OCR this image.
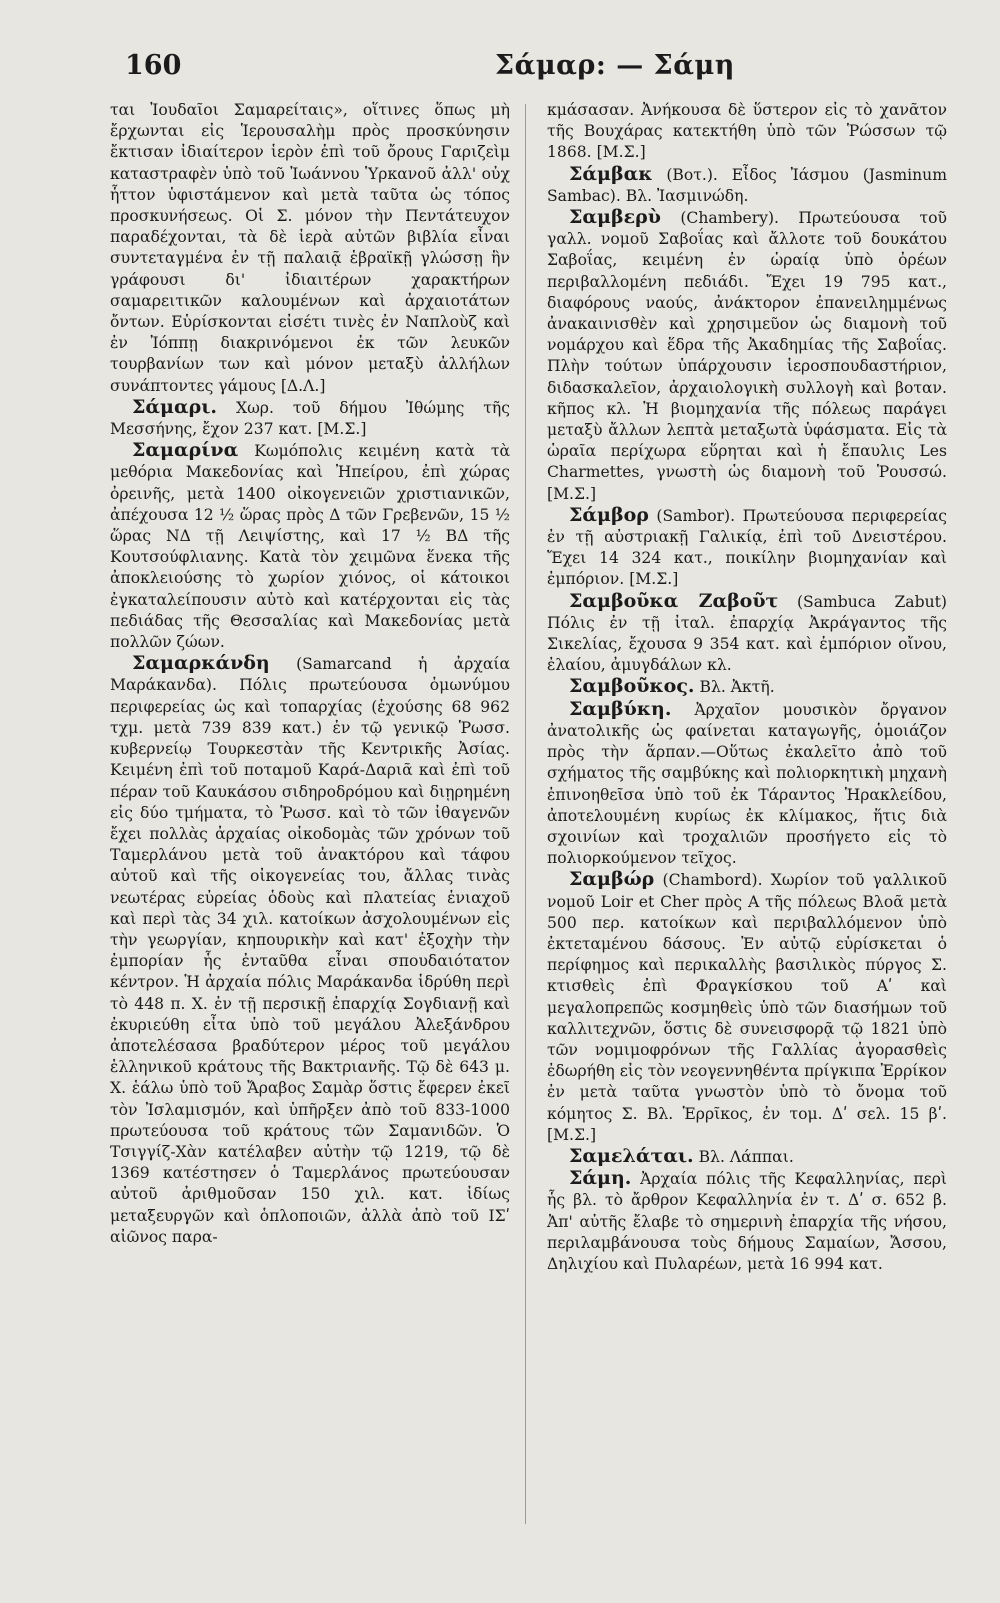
160	Σάμαρ: — Σάμη

ται Ἰουδαῖοι Σαμαρείταις», οἵτινες ὅπως μὴ ἔρχωνται εἰς Ἱερουσαλὴμ πρὸς προσκύνησιν ἔκτισαν ἰδιαίτερον ἱερὸν ἐπὶ τοῦ ὄρους Γαριζεὶμ καταστραφὲν ὑπὸ τοῦ Ἰωάννου Ὑρκανοῦ ἀλλ' οὐχ ἧττον ὑφιστάμενον καὶ μετὰ ταῦτα ὡς τόπος προσκυνήσεως. Οἱ Σ. μόνον τὴν Πεντάτευχον παραδέχονται, τὰ δὲ ἱερὰ αὐτῶν βιβλία εἶναι συντεταγμένα ἐν τῇ παλαιᾷ ἑβραϊκῇ γλώσσῃ ἣν γράφουσι δι' ἰδιαιτέρων χαρακτήρων σαμαρειτικῶν καλουμένων καὶ ἀρχαιοτάτων ὄντων. Εὑρίσκονται εἰσέτι τινὲς ἐν Ναπλοὺζ καὶ ἐν Ἰόππῃ διακρινόμενοι ἐκ τῶν λευκῶν τουρβανίων των καὶ μόνον μεταξὺ ἀλλήλων συνάπτοντες γάμους [Δ.Λ.]

Σάμαρι. Χωρ. τοῦ δήμου Ἰθώμης τῆς Μεσσήνης, ἔχον 237 κατ. [Μ.Σ.]

Σαμαρίνα Κωμόπολις κειμένη κατὰ τὰ μεθόρια Μακεδονίας καὶ Ἠπείρου, ἐπὶ χώρας ὀρεινῆς, μετὰ 1400 οἰκογενειῶν χριστιανικῶν, ἀπέχουσα 12 ½ ὥρας πρὸς Δ τῶν Γρεβενῶν, 15 ½ ὥρας ΝΔ τῇ Λειψίστης, καὶ 17 ½ ΒΔ τῆς Κουτσούφλιανης. Κατὰ τὸν χειμῶνα ἕνεκα τῆς ἀποκλειούσης τὸ χωρίον χιόνος, οἱ κάτοικοι ἐγκαταλείπουσιν αὐτὸ καὶ κατέρχονται εἰς τὰς πεδιάδας τῆς Θεσσαλίας καὶ Μακεδονίας μετὰ πολλῶν ζώων.

Σαμαρκάνδη (Samarcand ἡ ἀρχαία Μαράκανδα). Πόλις πρωτεύουσα ὁμωνύμου περιφερείας ὡς καὶ τοπαρχίας (ἐχούσης 68 962 τχμ. μετὰ 739 839 κατ.) ἐν τῷ γενικῷ Ῥωσσ. κυβερνείῳ Τουρκεστὰν τῆς Κεντρικῆς Ἀσίας. Κειμένη ἐπὶ τοῦ ποταμοῦ Καρά-Δαριᾶ καὶ ἐπὶ τοῦ πέραν τοῦ Καυκάσου σιδηροδρόμου καὶ διῃρημένη εἰς δύο τμήματα, τὸ Ῥωσσ. καὶ τὸ τῶν ἰθαγενῶν ἔχει πολλὰς ἀρχαίας οἰκοδομὰς τῶν χρόνων τοῦ Ταμερλάνου μετὰ τοῦ ἀνακτόρου καὶ τάφου αὐτοῦ καὶ τῆς οἰκογενείας του, ἄλλας τινὰς νεωτέρας εὐρείας ὁδοὺς καὶ πλατείας ἐνιαχοῦ καὶ περὶ τὰς 34 χιλ. κατοίκων ἀσχολουμένων εἰς τὴν γεωργίαν, κηπουρικὴν καὶ κατ' ἐξοχὴν τὴν ἐμπορίαν ἧς ἐνταῦθα εἶναι σπουδαιότατον κέντρον. Ἡ ἀρχαία πόλις Μαράκανδα ἱδρύθη περὶ τὸ 448 π. Χ. ἐν τῇ περσικῇ ἐπαρχίᾳ Σογδιανῇ καὶ ἐκυριεύθη εἶτα ὑπὸ τοῦ μεγάλου Ἀλεξάνδρου ἀποτελέσασα βραδύτερον μέρος τοῦ μεγάλου ἑλληνικοῦ κράτους τῆς Βακτριανῆς. Τῷ δὲ 643 μ. Χ. ἑάλω ὑπὸ τοῦ Ἄραβος Σαμὰρ ὅστις ἔφερεν ἐκεῖ τὸν Ἰσλαμισμόν, καὶ ὑπῆρξεν ἀπὸ τοῦ 833-1000 πρωτεύουσα τοῦ κράτους τῶν Σαμανιδῶν. Ὁ Τσιγγίζ-Χὰν κατέλαβεν αὐτὴν τῷ 1219, τῷ δὲ 1369 κατέστησεν ὁ Ταμερλάνος πρωτεύουσαν αὐτοῦ ἀριθμοῦσαν 150 χιλ. κατ. ἰδίως μεταξευργῶν καὶ ὁπλοποιῶν, ἀλλὰ ἀπὸ τοῦ ΙΣʹ αἰῶνος παρα-

κμάσασαν. Ἀνήκουσα δὲ ὕστερον εἰς τὸ χανᾶτον τῆς Βουχάρας κατεκτήθη ὑπὸ τῶν Ῥώσσων τῷ 1868. [Μ.Σ.]

Σάμβακ (Βοτ.). Εἶδος Ἰάσμου (Jasminum Sambac). Βλ. Ἰασμινώδη.

Σαμβερὺ (Chambery). Πρωτεύουσα τοῦ γαλλ. νομοῦ Σαβοΐας καὶ ἄλλοτε τοῦ δουκάτου Σαβοΐας, κειμένη ἐν ὡραίᾳ ὑπὸ ὀρέων περιβαλλομένη πεδιάδι. Ἔχει 19 795 κατ., διαφόρους ναούς, ἀνάκτορον ἐπανειλημμένως ἀνακαινισθὲν καὶ χρησιμεῦον ὡς διαμονὴ τοῦ νομάρχου καὶ ἕδρα τῆς Ἀκαδημίας τῆς Σαβοΐας. Πλὴν τούτων ὑπάρχουσιν ἱεροσπουδαστήριον, διδασκαλεῖον, ἀρχαιολογικὴ συλλογὴ καὶ βοταν. κῆπος κλ. Ἡ βιομηχανία τῆς πόλεως παράγει μεταξὺ ἄλλων λεπτὰ μεταξωτὰ ὑφάσματα. Εἰς τὰ ὡραῖα περίχωρα εὕρηται καὶ ἡ ἔπαυλις Les Charmettes, γνωστὴ ὡς διαμονὴ τοῦ Ῥουσσώ. [Μ.Σ.]

Σάμβορ (Sambor). Πρωτεύουσα περιφερείας ἐν τῇ αὐστριακῇ Γαλικίᾳ, ἐπὶ τοῦ Δνειστέρου. Ἔχει 14 324 κατ., ποικίλην βιομηχανίαν καὶ ἐμπόριον. [Μ.Σ.]

Σαμβοῦκα Ζαβοῦτ (Sambuca Zabut) Πόλις ἐν τῇ ἰταλ. ἐπαρχίᾳ Ἀκράγαντος τῆς Σικελίας, ἔχουσα 9 354 κατ. καὶ ἐμπόριον οἴνου, ἐλαίου, ἀμυγδάλων κλ.

Σαμβοῦκος. Βλ. Ἀκτῆ.

Σαμβύκη. Ἀρχαῖον μουσικὸν ὄργανον ἀνατολικῆς ὡς φαίνεται καταγωγῆς, ὁμοιάζον πρὸς τὴν ἅρπαν.—Οὕτως ἐκαλεῖτο ἀπὸ τοῦ σχήματος τῆς σαμβύκης καὶ πολιορκητικὴ μηχανὴ ἐπινοηθεῖσα ὑπὸ τοῦ ἐκ Τάραντος Ἡρακλείδου, ἀποτελουμένη κυρίως ἐκ κλίμακος, ἥτις διὰ σχοινίων καὶ τροχαλιῶν προσήγετο εἰς τὸ πολιορκούμενον τεῖχος.

Σαμβώρ (Chambord). Χωρίον τοῦ γαλλικοῦ νομοῦ Loir et Cher πρὸς Α τῆς πόλεως Βλοᾶ μετὰ 500 περ. κατοίκων καὶ περιβαλλόμενον ὑπὸ ἐκτεταμένου δάσους. Ἐν αὐτῷ εὑρίσκεται ὁ περίφημος καὶ περικαλλὴς βασιλικὸς πύργος Σ. κτισθεὶς ἐπὶ Φραγκίσκου τοῦ Αʹ καὶ μεγαλοπρεπῶς κοσμηθεὶς ὑπὸ τῶν διασήμων τοῦ καλλιτεχνῶν, ὅστις δὲ συνεισφορᾷ τῷ 1821 ὑπὸ τῶν νομιμοφρόνων τῆς Γαλλίας ἀγορασθεὶς ἐδωρήθη εἰς τὸν νεογεννηθέντα πρίγκιπα Ἐρρίκον ἐν μετὰ ταῦτα γνωστὸν ὑπὸ τὸ ὄνομα τοῦ κόμητος Σ. Βλ. Ἐρρῖκος, ἐν τομ. Δʹ σελ. 15 βʹ. [Μ.Σ.]

Σαμελάται. Βλ. Λάππαι.

Σάμη. Ἀρχαία πόλις τῆς Κεφαλληνίας, περὶ ἧς βλ. τὸ ἄρθρον Κεφαλληνία ἐν τ. Δʹ σ. 652 β. Ἀπ' αὐτῆς ἔλαβε τὸ σημερινὴ ἐπαρχία τῆς νήσου, περιλαμβάνουσα τοὺς δήμους Σαμαίων, Ἄσσου, Δηλιχίου καὶ Πυλαρέων, μετὰ 16 994 κατ.
